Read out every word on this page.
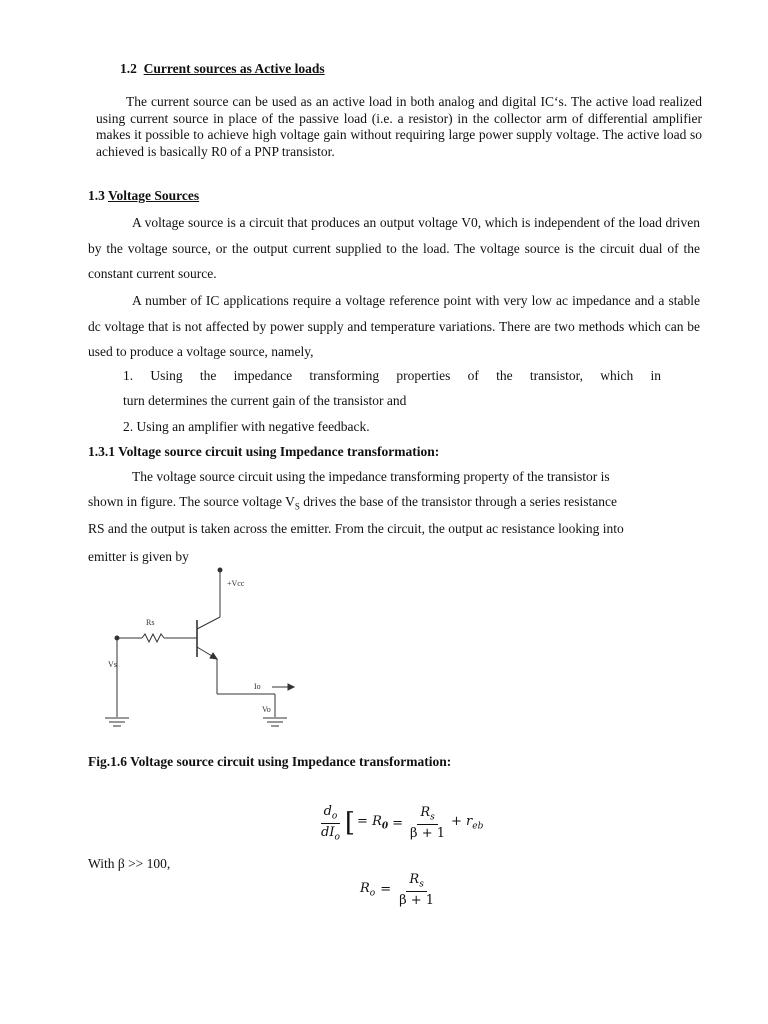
1.2 Current sources as Active loads
The current source can be used as an active load in both analog and digital IC‘s. The active load realized using current source in place of the passive load (i.e. a resistor) in the collector arm of differential amplifier makes it possible to achieve high voltage gain without requiring large power supply voltage. The active load so achieved is basically R0 of a PNP transistor.
1.3 Voltage Sources
A voltage source is a circuit that produces an output voltage V0, which is independent of the load driven by the voltage source, or the output current supplied to the load. The voltage source is the circuit dual of the constant current source.
A number of IC applications require a voltage reference point with very low ac impedance and a stable dc voltage that is not affected by power supply and temperature variations. There are two methods which can be used to produce a voltage source, namely,
1. Using the impedance transforming properties of the transistor, which in
turn determines the current gain of the transistor and
2. Using an amplifier with negative feedback.
1.3.1 Voltage source circuit using Impedance transformation:
The voltage source circuit using the impedance transforming property of the transistor is
shown in figure. The source voltage $V_S$ drives the base of the transistor through a series resistance
RS and the output is taken across the emitter. From the circuit, the output ac resistance looking into
emitter is given by
+Vcc
Rs
Vs
Io
Vo
Fig.1.6 Voltage source circuit using Impedance transformation:
$\frac{d_o}{dI_o}$ [ = $R_0 = \frac{R_s}{\beta + 1} + r_{eb}$
With β >> 100,
$R_o = \frac{R_s}{\beta + 1}$
